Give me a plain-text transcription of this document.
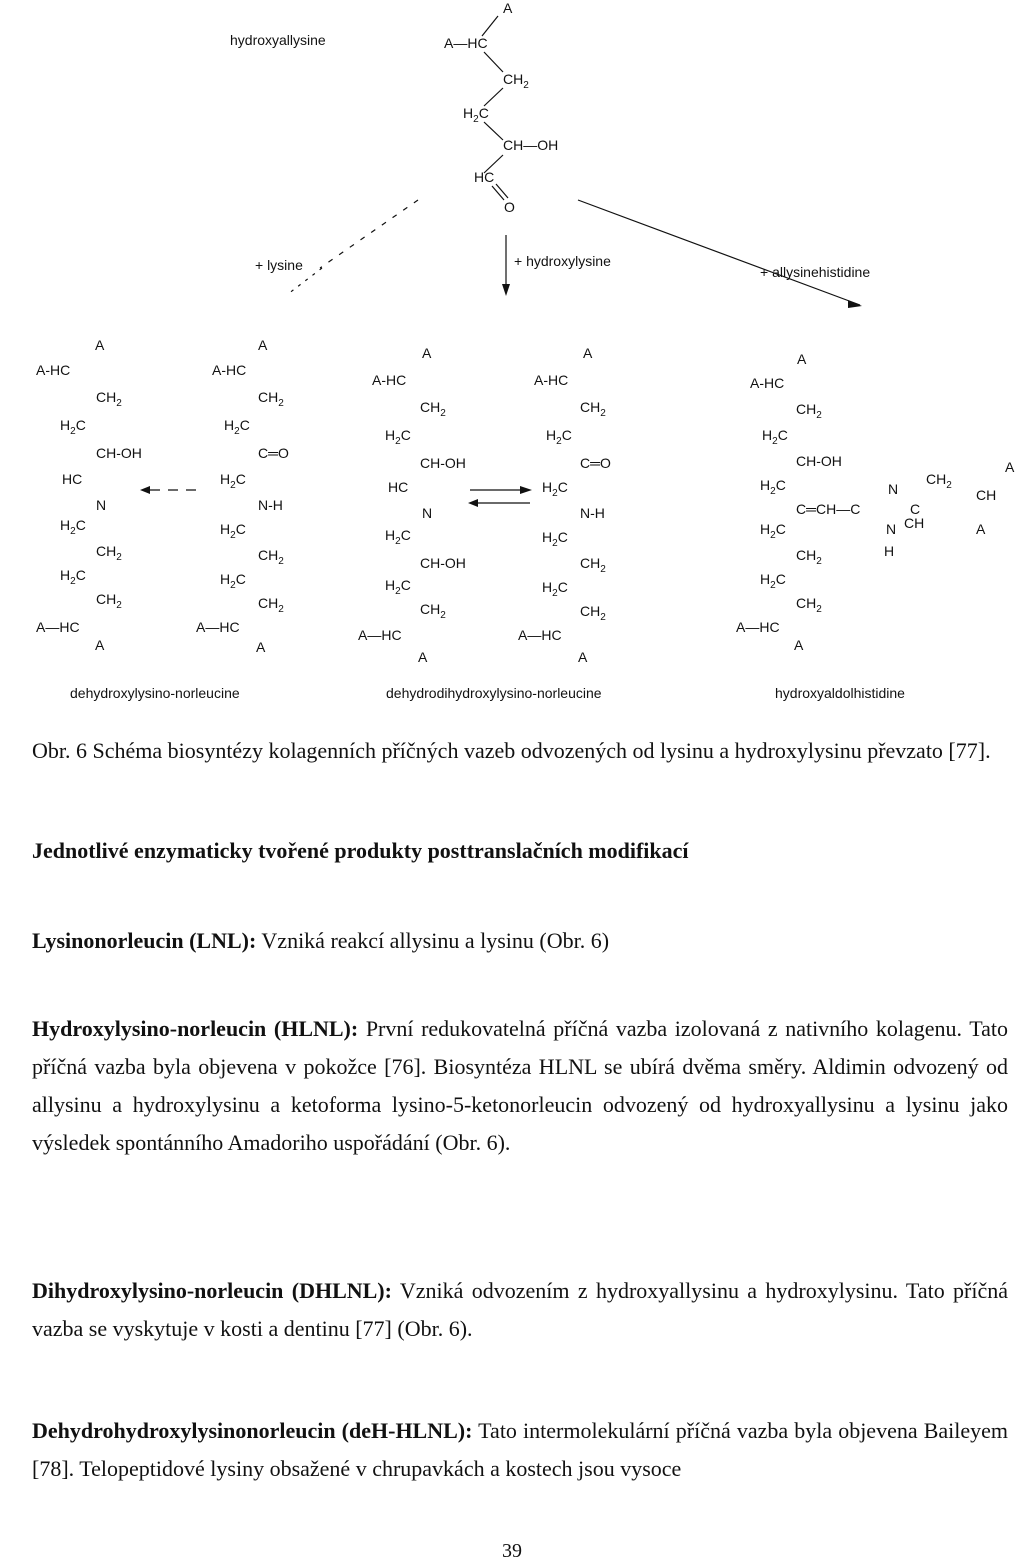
hydroxyallysine
A
A—HC
$CH_2$
$H_2C$
CH—OH
HC
O
+ lysine	+ hydroxylysine
+ allysinehistidine
A
A-HC
$CH_2$
$H_2C$
CH-OH
HC
N
$H_2C$
$CH_2$
$H_2C$
$CH_2$
A—HC
A
A
A-HC
$CH_2$
$H_2C$
C═O
$H_2C$
N-H
$H_2C$
$CH_2$
$H_2C$
$CH_2$
A—HC
A
A
A-HC
$CH_2$
$H_2C$
CH-OH
HC
N
$H_2C$
CH-OH
$H_2C$
$CH_2$
A—HC
A
A
A-HC
$CH_2$
$H_2C$
C═O
$H_2C$
N-H
$H_2C$
$CH_2$
$H_2C$
$CH_2$
A—HC
A
A
A-HC
$CH_2$
$H_2C$
CH-OH
$H_2C$
C═CH—C
N
C
$CH_2$
A
CH
A
N CH
H
$H_2C$
$CH_2$
$H_2C$
$CH_2$
A—HC
A
dehydroxylysino-norleucine	dehydrodihydroxylysino-norleucine	hydroxyaldolhistidine
Obr. 6 Schéma biosyntézy kolagenních příčných vazeb odvozených od lysinu a hydroxylysinu převzato [77].
Jednotlivé enzymaticky tvořené produkty posttranslačních modifikací
Lysinonorleucin (LNL): Vzniká reakcí allysinu a lysinu (Obr. 6)
Hydroxylysino-norleucin (HLNL): První redukovatelná příčná vazba izolovaná z nativního kolagenu. Tato příčná vazba byla objevena v pokožce [76]. Biosyntéza HLNL se ubírá dvěma směry. Aldimin odvozený od allysinu a hydroxylysinu a ketoforma lysino-5-ketonorleucin odvozený od hydroxyallysinu a lysinu jako výsledek spontánního Amadoriho uspořádání (Obr. 6).
Dihydroxylysino-norleucin (DHLNL): Vzniká odvozením z hydroxyallysinu a hydroxylysinu. Tato příčná vazba se vyskytuje v kosti a dentinu [77] (Obr. 6).
Dehydrohydroxylysinonorleucin (deH-HLNL): Tato intermolekulární příčná vazba byla objevena Baileyem [78]. Telopeptidové lysiny obsažené v chrupavkách a kostech jsou vysoce
39
